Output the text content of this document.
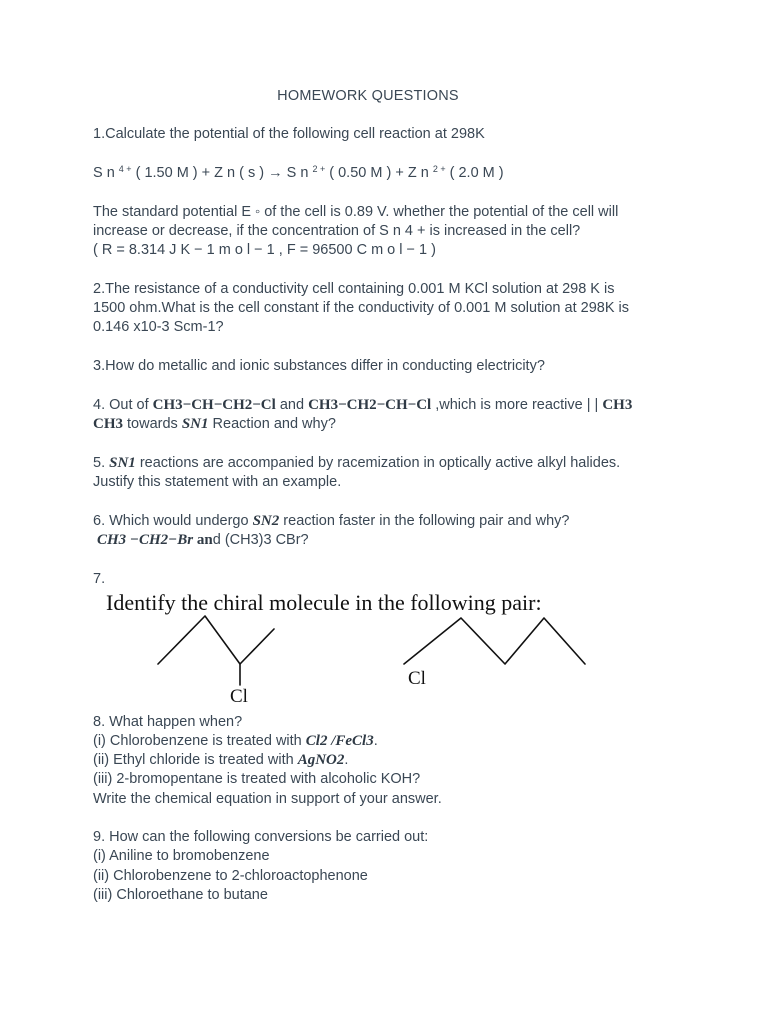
HOMEWORK QUESTIONS
1.Calculate the potential of the following cell reaction at 298K
S n $^{4 +}$ ( 1.50 M ) + Z n ( s ) → S n $^{2 +}$ ( 0.50 M ) + Z n $^{2 +}$ ( 2.0 M )
The standard potential E ◦ of the cell is 0.89 V. whether the potential of the cell will
increase or decrease, if the concentration of S n 4 + is increased in the cell?
( R = 8.314 J K − 1 m o l − 1 , F = 96500 C m o l − 1 )
2.The resistance of a conductivity cell containing 0.001 M KCl solution at 298 K is
1500 ohm.What is the cell constant if the conductivity of 0.001 M solution at 298K is
0.146 x10-3 Scm-1?
3.How do metallic and ionic substances differ in conducting electricity?
4. Out of CH3−CH−CH2−Cl and CH3−CH2−CH−Cl ,which is more reactive | | CH3
CH3 towards SN1 Reaction and why?
5. SN1 reactions are accompanied by racemization in optically active alkyl halides.
Justify this statement with an example.
6. Which would undergo SN2 reaction faster in the following pair and why?
CH3 −CH2−Br and (CH3)3 CBr?
7.
Identify the chiral molecule in the following pair:
Cl
Cl
8. What happen when?
(i) Chlorobenzene is treated with Cl2 /FeCl3.
(ii) Ethyl chloride is treated with AgNO2.
(iii) 2-bromopentane is treated with alcoholic KOH?
Write the chemical equation in support of your answer.
9. How can the following conversions be carried out:
(i) Aniline to bromobenzene
(ii) Chlorobenzene to 2-chloroactophenone
(iii) Chloroethane to butane
